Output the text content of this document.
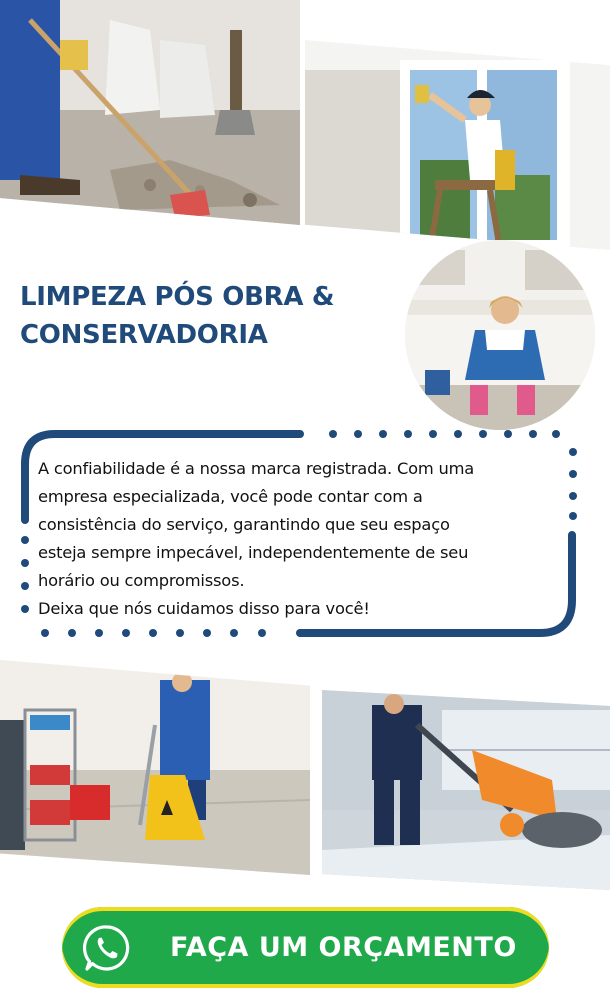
LIMPEZA PÓS OBRA &
CONSERVADORIA
A confiabilidade é a nossa marca registrada. Com uma
empresa especializada, você pode contar com a
consistência do serviço, garantindo que seu espaço
esteja sempre impecável, independentemente de seu
horário ou compromissos.
Deixa que nós cuidamos disso para você!
FAÇA UM ORÇAMENTO
